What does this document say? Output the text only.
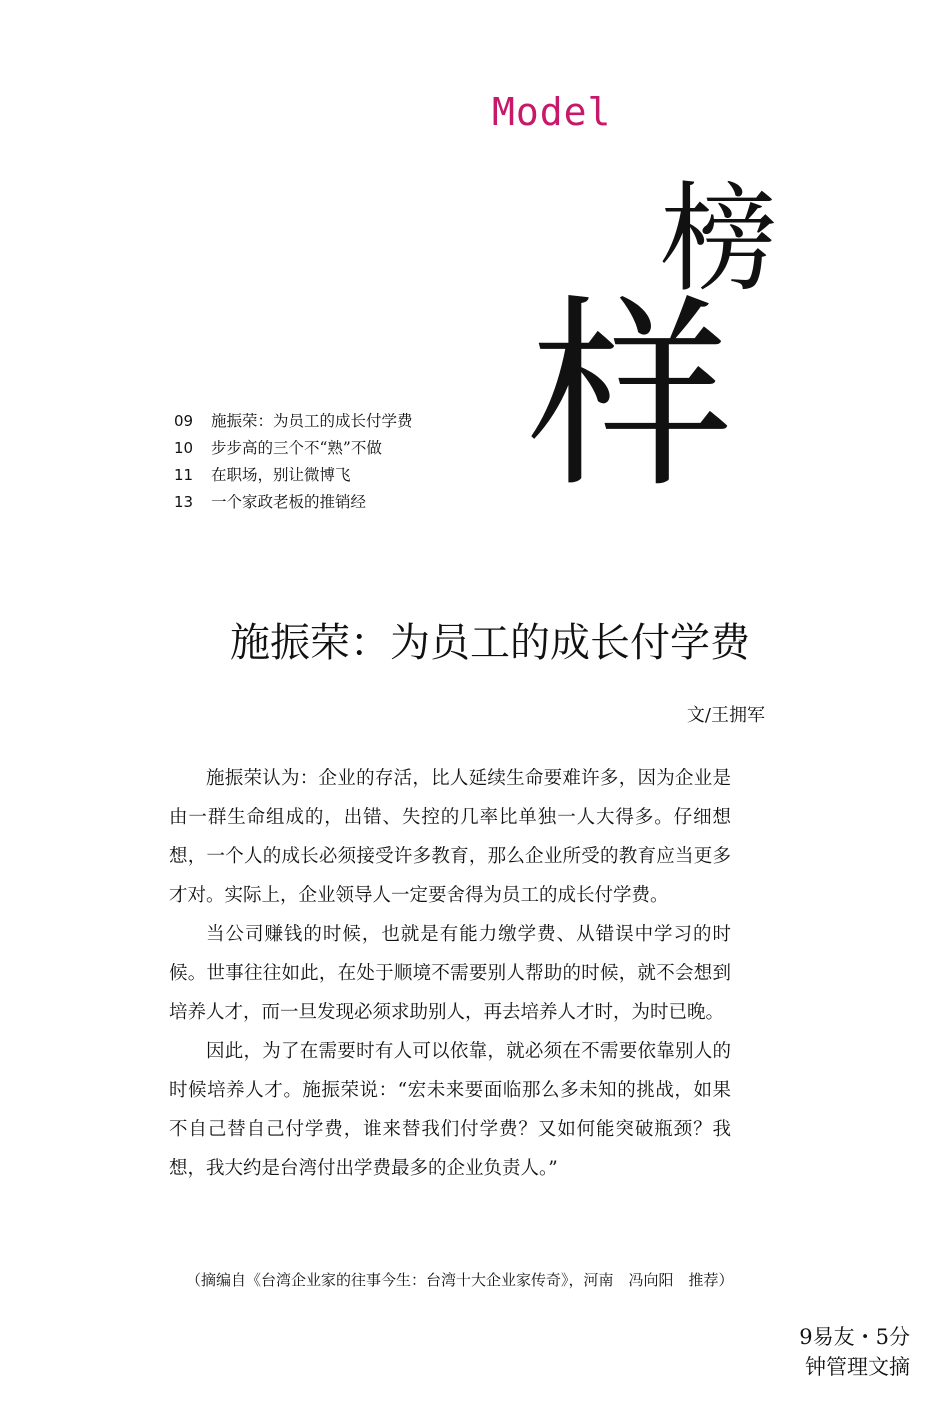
Model
榜
样
09	施振荣：为员工的成长付学费
10	步步高的三个不“熟”不做
11	在职场，别让微博飞
13	一个家政老板的推销经
施振荣：为员工的成长付学费
文/王拥军

施振荣认为：企业的存活，比人延续生命要难许多，因为企业是由一群生命组成的，出错、失控的几率比单独一人大得多。仔细想想，一个人的成长必须接受许多教育，那么企业所受的教育应当更多才对。实际上，企业领导人一定要舍得为员工的成长付学费。

当公司赚钱的时候，也就是有能力缴学费、从错误中学习的时候。世事往往如此，在处于顺境不需要别人帮助的时候，就不会想到培养人才，而一旦发现必须求助别人，再去培养人才时，为时已晚。

因此，为了在需要时有人可以依靠，就必须在不需要依靠别人的时候培养人才。施振荣说：“宏未来要面临那么多未知的挑战，如果不自己替自己付学费，谁来替我们付学费？又如何能突破瓶颈？我想，我大约是台湾付出学费最多的企业负责人。”

（摘编自《台湾企业家的往事今生：台湾十大企业家传奇》，河南　冯向阳　推荐）
9易友・5分
钟管理文摘
